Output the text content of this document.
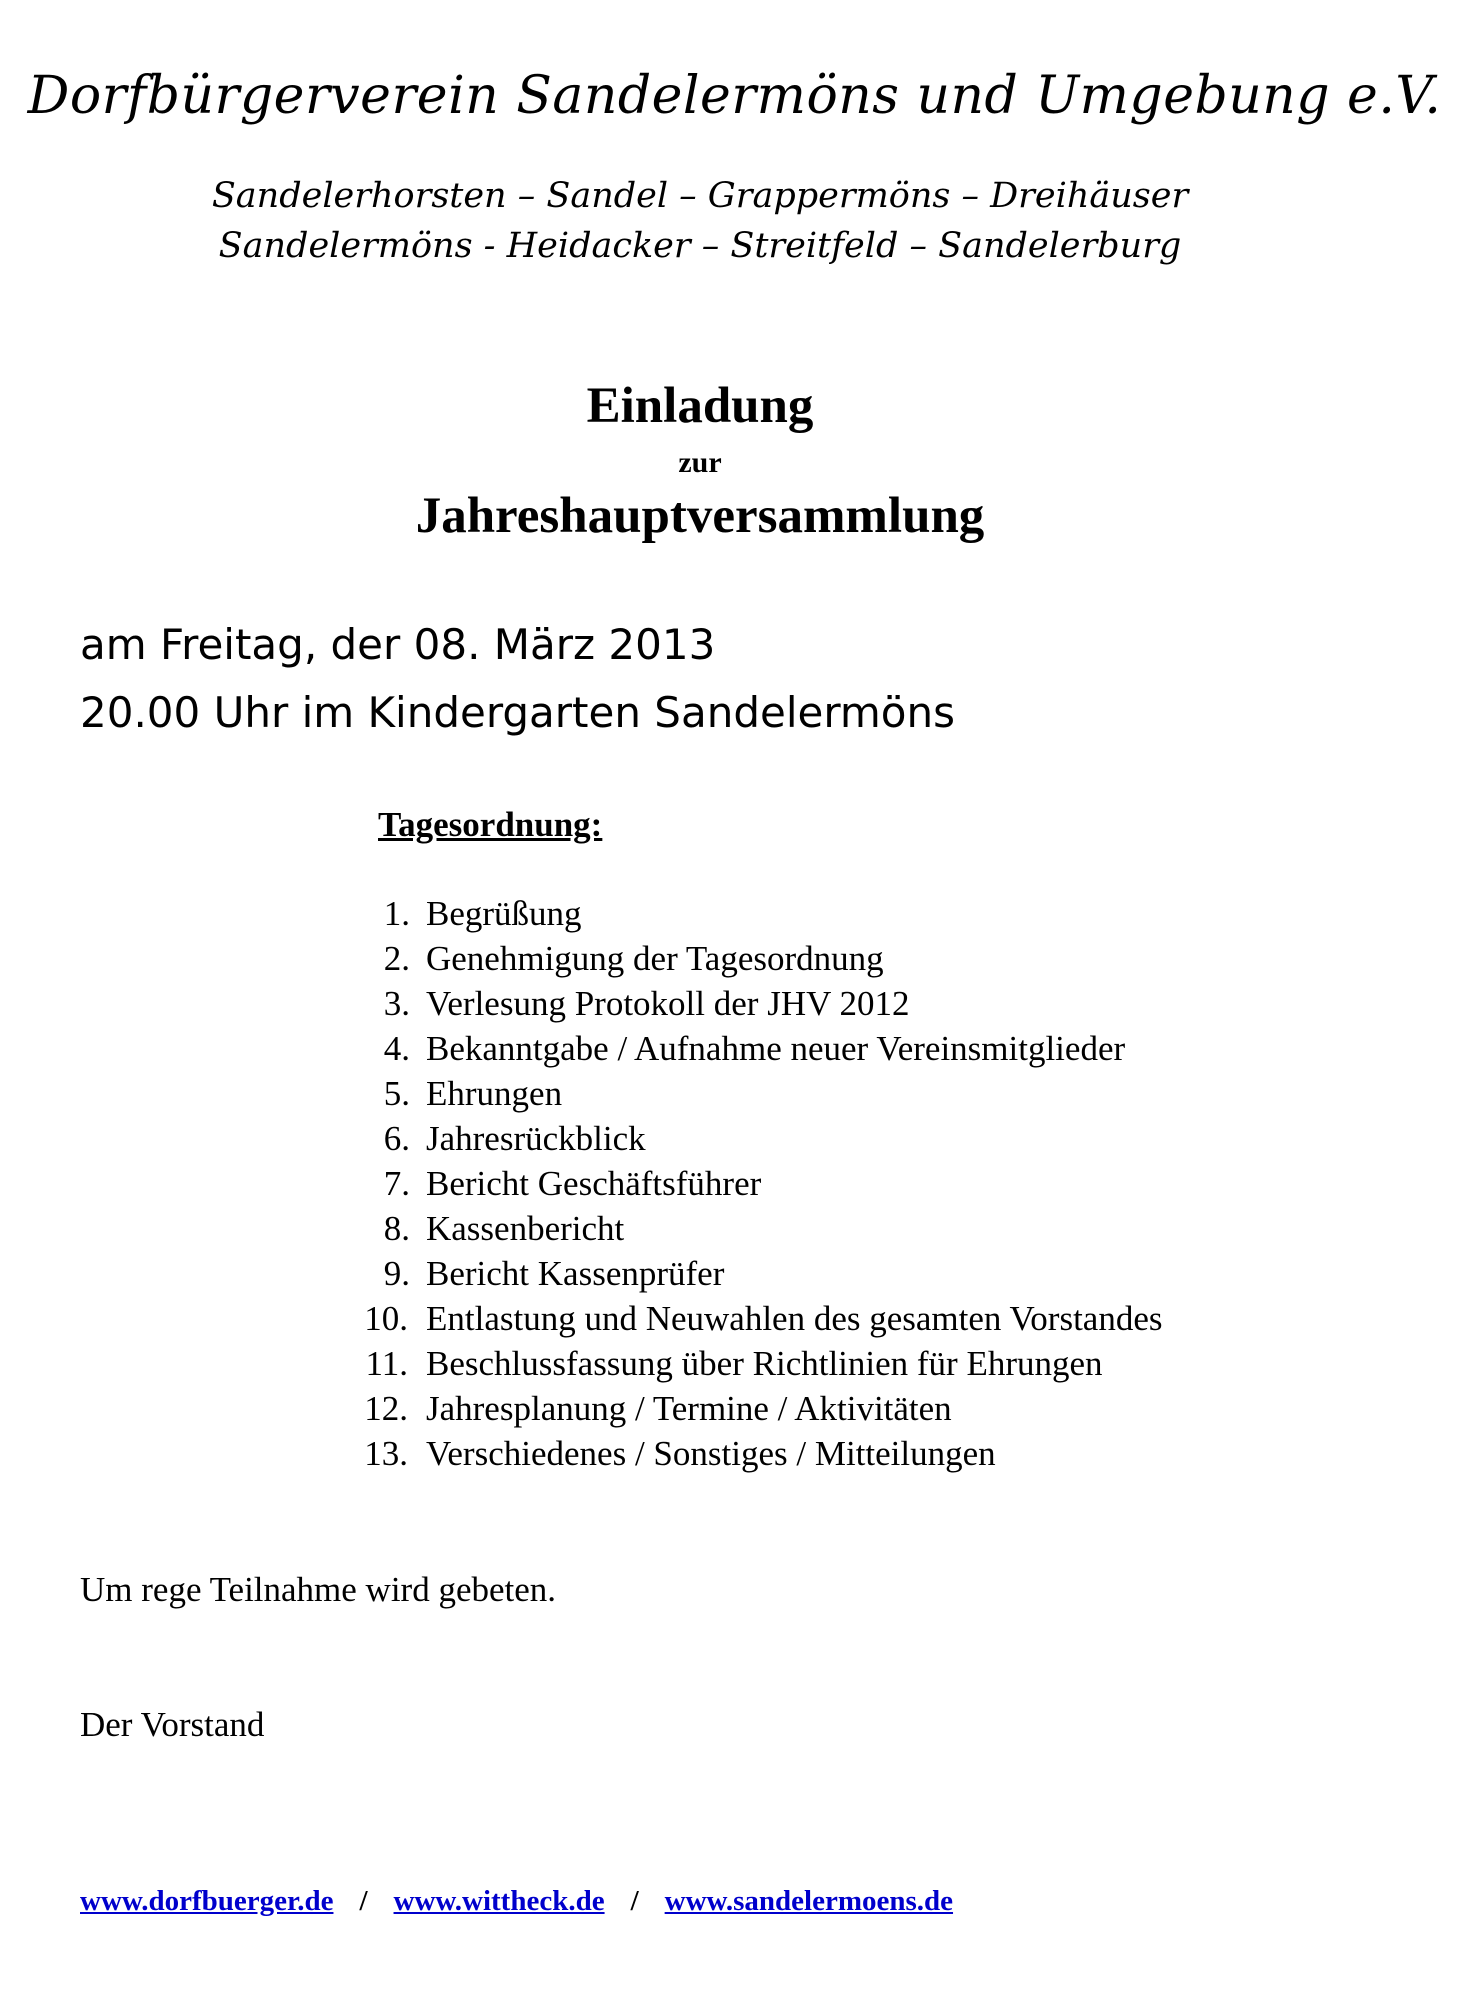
Dorfbürgerverein Sandelermöns und Umgebung e.V.
Sandelerhorsten – Sandel – Grappermöns – Dreihäuser
Sandelermöns - Heidacker – Streitfeld – Sandelerburg
Einladung
zur
Jahreshauptversammlung
am Freitag, der 08. März 2013
20.00 Uhr im Kindergarten Sandelermöns
Tagesordnung:
1. Begrüßung
2. Genehmigung der Tagesordnung
3. Verlesung Protokoll der JHV 2012
4. Bekanntgabe / Aufnahme neuer Vereinsmitglieder
5. Ehrungen
6. Jahresrückblick
7. Bericht Geschäftsführer
8. Kassenbericht
9. Bericht Kassenprüfer
10. Entlastung und Neuwahlen des gesamten Vorstandes
11. Beschlussfassung über Richtlinien für Ehrungen
12. Jahresplanung / Termine / Aktivitäten
13. Verschiedenes / Sonstiges / Mitteilungen
Um rege Teilnahme wird gebeten.
Der Vorstand
www.dorfbuerger.de / www.wittheck.de / www.sandelermoens.de
